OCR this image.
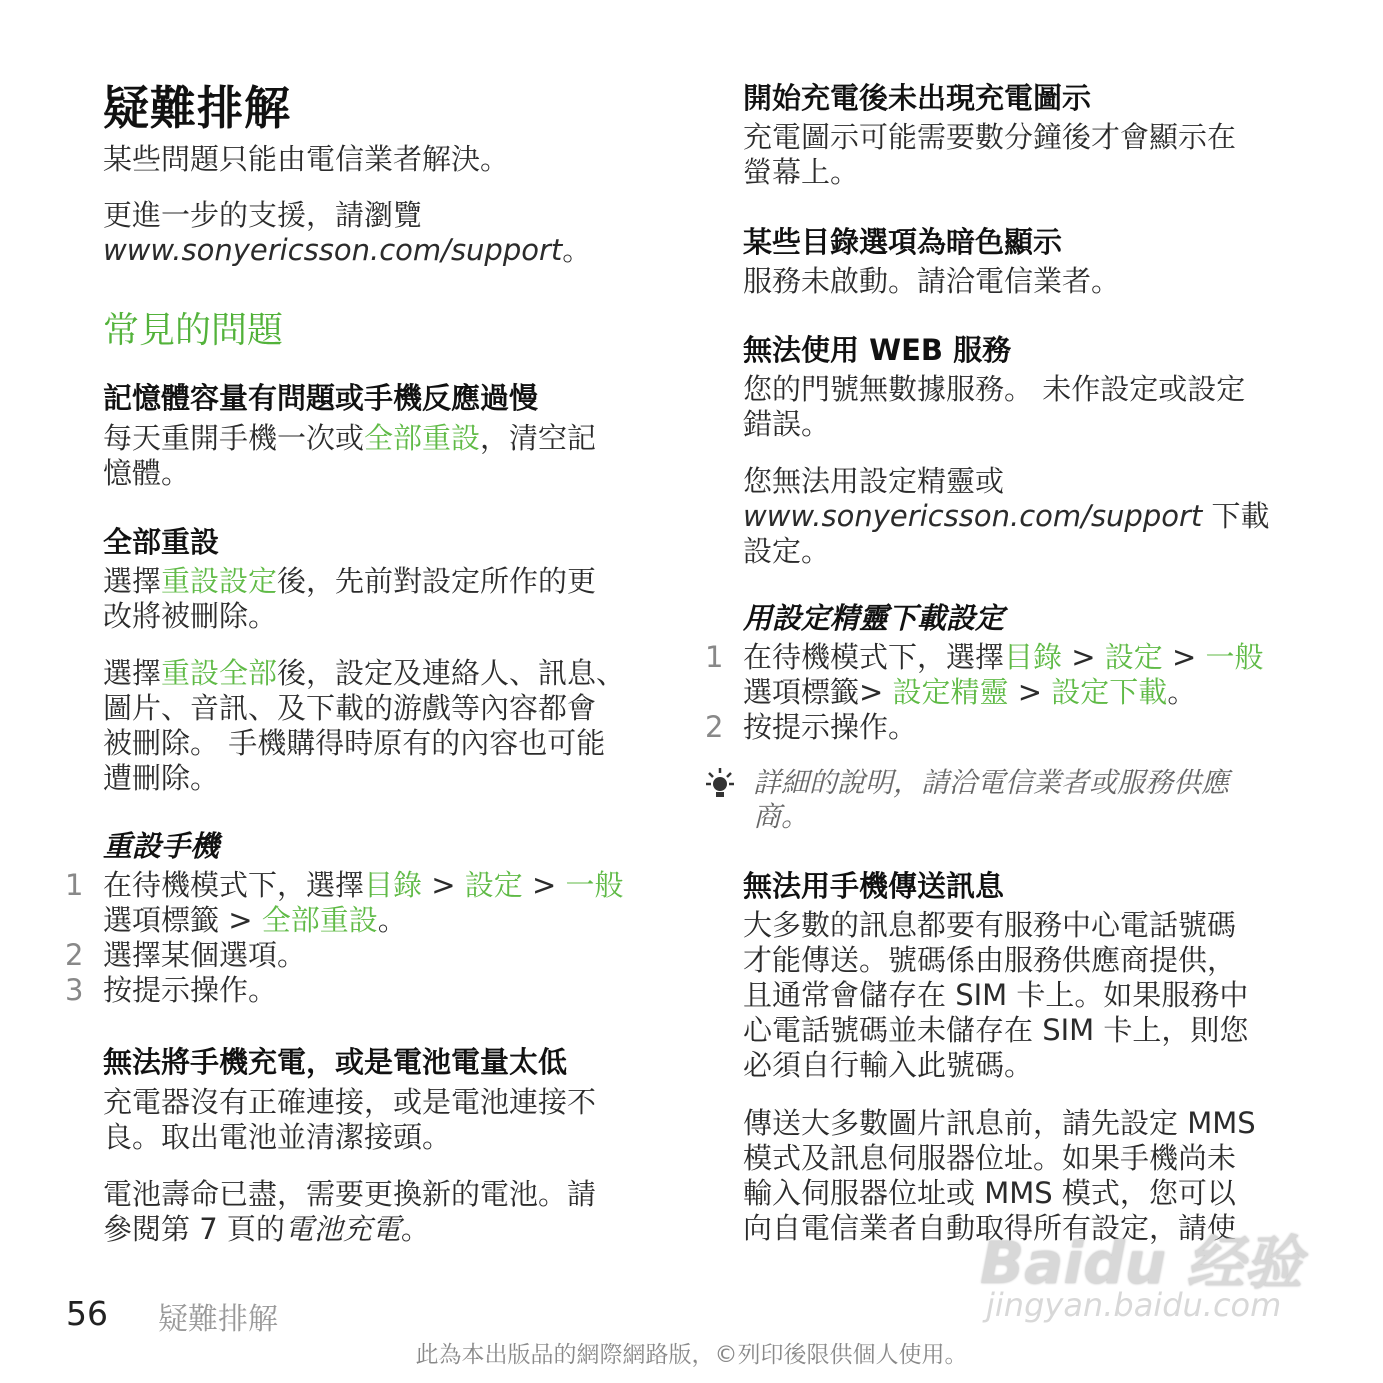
疑難排解
某些問題只能由電信業者解決。
更進一步的支援，請瀏覽
www.sonyericsson.com/support。
常見的問題
記憶體容量有問題或手機反應過慢
每天重開手機一次或全部重設，清空記
憶體。
全部重設
選擇重設設定後，先前對設定所作的更
改將被刪除。
選擇重設全部後，設定及連絡人、訊息、
圖片、音訊、及下載的游戲等內容都會
被刪除。 手機購得時原有的內容也可能
遭刪除。
重設手機
1 在待機模式下，選擇目錄 > 設定 > 一般
選項標籤 > 全部重設。
2 選擇某個選項。
3 按提示操作。
無法將手機充電，或是電池電量太低
充電器沒有正確連接，或是電池連接不
良。取出電池並清潔接頭。
電池壽命已盡，需要更換新的電池。請
參閱第 7 頁的電池充電。
開始充電後未出現充電圖示
充電圖示可能需要數分鐘後才會顯示在
螢幕上。
某些目錄選項為暗色顯示
服務未啟動。請洽電信業者。
無法使用 WEB 服務
您的門號無數據服務。 未作設定或設定
錯誤。
您無法用設定精靈或
www.sonyericsson.com/support 下載
設定。
用設定精靈下載設定
1 在待機模式下，選擇目錄 > 設定 > 一般
選項標籤> 設定精靈 > 設定下載。
2 按提示操作。
詳細的說明，請洽電信業者或服務供應
商。
無法用手機傳送訊息
大多數的訊息都要有服務中心電話號碼
才能傳送。號碼係由服務供應商提供，
且通常會儲存在 SIM 卡上。如果服務中
心電話號碼並未儲存在 SIM 卡上，則您
必須自行輸入此號碼。
傳送大多數圖片訊息前，請先設定 MMS
模式及訊息伺服器位址。如果手機尚未
輸入伺服器位址或 MMS 模式，您可以
向自電信業者自動取得所有設定，請使
Baidu 经验
jingyan.baidu.com
56 疑難排解
此為本出版品的網際網路版，©列印後限供個人使用。
